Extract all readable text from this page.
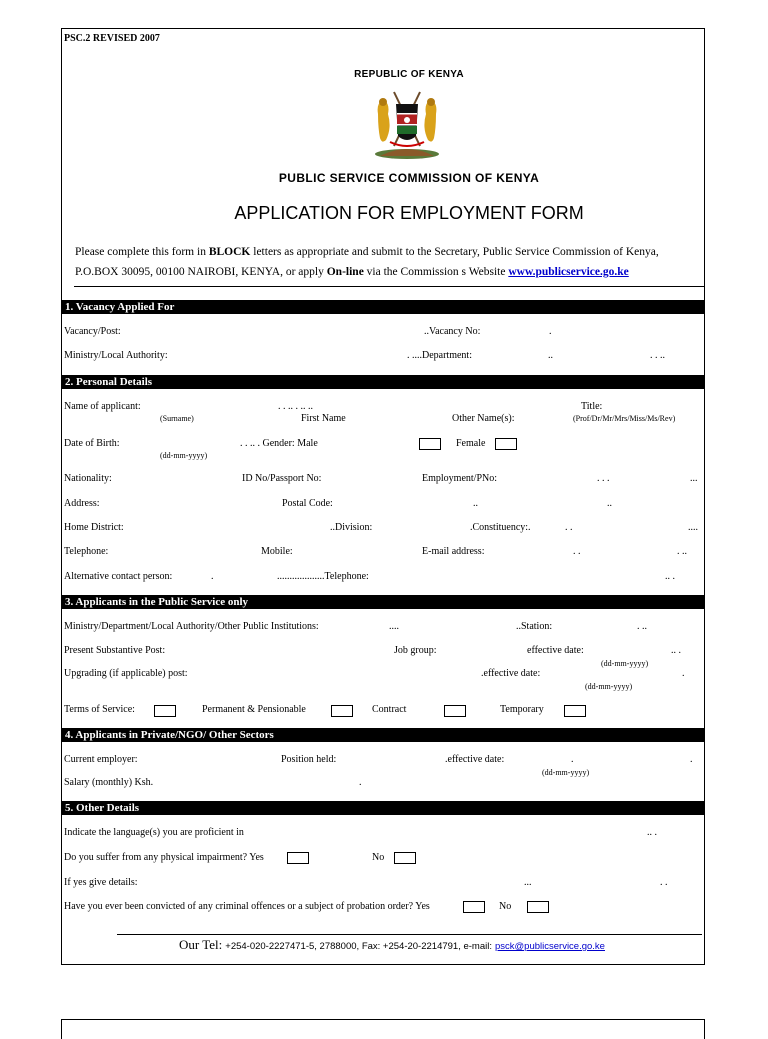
PSC.2 REVISED 2007
REPUBLIC OF KENYA
PUBLIC SERVICE COMMISSION OF KENYA
APPLICATION FOR EMPLOYMENT FORM
Please complete this form in BLOCK letters as appropriate and submit to the Secretary, Public Service Commission of Kenya,
P.O.BOX 30095, 00100 NAIROBI, KENYA, or apply On-line via the Commission s Website www.publicservice.go.ke
1. Vacancy Applied For
Vacancy/Post:	..Vacancy No:	.
Ministry/Local Authority:	. ....Department:	..	. . ..
2. Personal Details
Name of applicant:	. . .. . .. ..
(Surname)	First Name	Other Name(s):
Title:
(Prof/Dr/Mr/Mrs/Miss/Ms/Rev)
Date of Birth:	. . .. . Gender: Male	Female
(dd-mm-yyyy)
Nationality:	ID No/Passport No:	Employment/PNo:	. . .	...
Address:	Postal Code:	..	..
Home District:	..Division:	.Constituency:.	. .	....
Telephone:	Mobile:	E-mail address:	. .	. ..
Alternative contact person:	.	...................Telephone:	.. .
3. Applicants in the Public Service only
Ministry/Department/Local Authority/Other Public Institutions:	....	..Station:	. ..
Present Substantive Post:	Job group:	effective date:	.. .
(dd-mm-yyyy)
Upgrading (if applicable) post:	.effective date:	.
(dd-mm-yyyy)
Terms of Service:	Permanent & Pensionable	Contract	Temporary
4. Applicants in Private/NGO/ Other Sectors
Current employer:	Position held:	.effective date:	.	.
(dd-mm-yyyy)
Salary (monthly) Ksh.	.
5. Other Details
Indicate the language(s) you are proficient in	.. .
Do you suffer from any physical impairment? Yes	No
If yes give details:	...	. .
Have you ever been convicted of any criminal offences or a subject of probation order? Yes	No
Our Tel: +254-020-2227471-5, 2788000, Fax: +254-20-2214791, e-mail: psck@publicservice.go.ke
